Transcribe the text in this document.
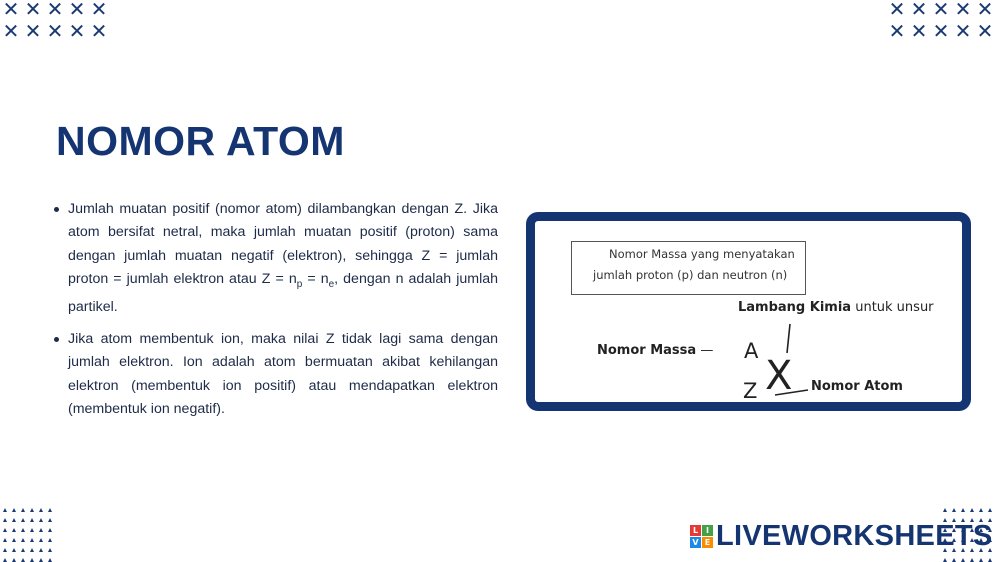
✕ ✕ ✕ ✕ ✕
✕ ✕ ✕ ✕ ✕
✕ ✕ ✕ ✕ ✕
✕ ✕ ✕ ✕ ✕
NOMOR ATOM
Jumlah muatan positif (nomor atom) dilambangkan dengan Z. Jika atom bersifat netral, maka jumlah muatan positif (proton) sama dengan jumlah muatan negatif (elektron), sehingga Z = jumlah proton = jumlah elektron atau $Z = n_p = n_e$, dengan n adalah jumlah partikel.
Jika atom membentuk ion, maka nilai Z tidak lagi sama dengan jumlah elektron. Ion adalah atom bermuatan akibat kehilangan elektron (membentuk ion positif) atau mendapatkan elektron (membentuk ion negatif).
Nomor Massa yang menyatakan
jumlah proton (p) dan neutron (n)
Lambang Kimia untuk unsur
Nomor Massa — A
X
Z	Nomor Atom
L I
V E LIVEWORKSHEETS
